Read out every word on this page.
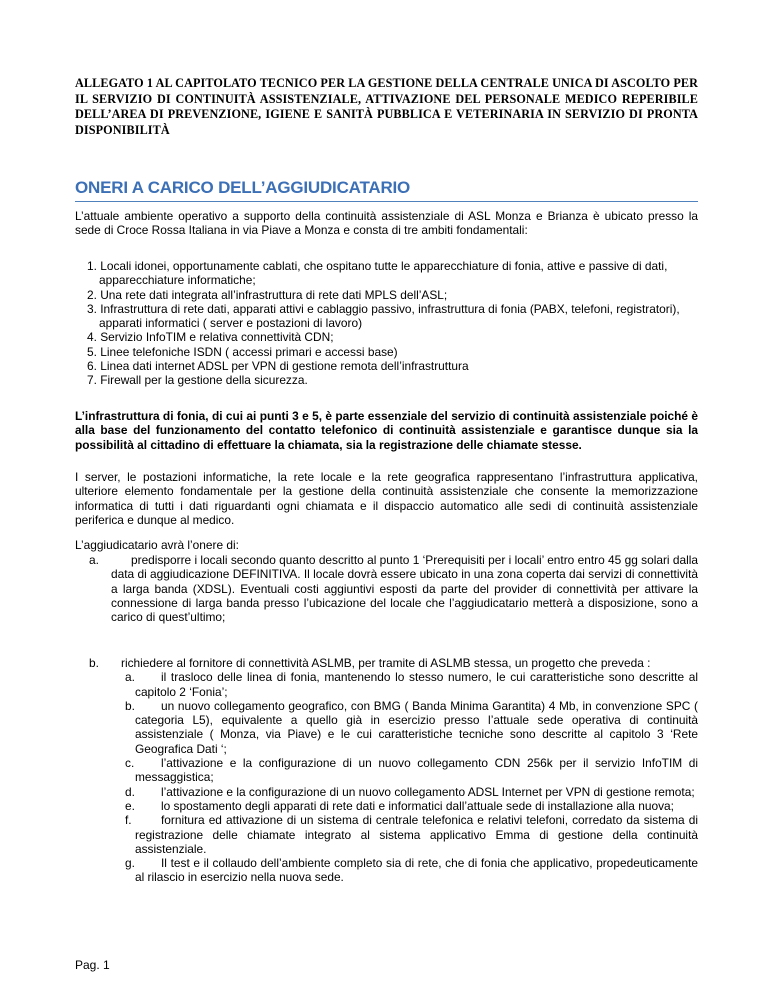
ALLEGATO 1 AL CAPITOLATO TECNICO PER LA GESTIONE DELLA CENTRALE UNICA DI ASCOLTO PER IL SERVIZIO DI CONTINUITÀ ASSISTENZIALE, ATTIVAZIONE DEL PERSONALE MEDICO REPERIBILE DELL’AREA DI PREVENZIONE, IGIENE E SANITÀ PUBBLICA E VETERINARIA IN SERVIZIO DI PRONTA DISPONIBILITÀ

ONERI A CARICO DELL’AGGIUDICATARIO

L’attuale ambiente operativo a supporto della continuità assistenziale di ASL Monza e Brianza è ubicato presso la sede di Croce Rossa Italiana in via Piave a Monza e consta di tre ambiti fondamentali:

1. Locali idonei, opportunamente cablati, che ospitano tutte le apparecchiature di fonia, attive e passive di dati, apparecchiature informatiche;
2. Una rete dati integrata all’infrastruttura di rete dati MPLS dell’ASL;
3. Infrastruttura di rete dati, apparati attivi e cablaggio passivo, infrastruttura di fonia (PABX, telefoni, registratori), apparati informatici ( server e postazioni di lavoro)
4. Servizio InfoTIM e relativa connettività CDN;
5. Linee telefoniche ISDN ( accessi primari e accessi base)
6. Linea dati internet ADSL per VPN di gestione remota dell’infrastruttura
7. Firewall per la gestione della sicurezza.

L’infrastruttura di fonia, di cui ai punti 3 e 5, è parte essenziale del servizio di continuità assistenziale poiché è alla base del funzionamento del contatto telefonico di continuità assistenziale e garantisce dunque sia la possibilità al cittadino di effettuare la chiamata, sia la registrazione delle chiamate stesse.

I server, le postazioni informatiche, la rete locale e la rete geografica rappresentano l’infrastruttura applicativa, ulteriore elemento fondamentale per la gestione della continuità assistenziale che consente la memorizzazione informatica di tutti i dati riguardanti ogni chiamata e il dispaccio automatico alle sedi di continuità assistenziale periferica e dunque al medico.

L’aggiudicatario avrà l’onere di:

a.	predisporre i locali secondo quanto descritto al punto 1 ‘Prerequisiti per i locali’ entro entro 45 gg solari dalla data di aggiudicazione DEFINITIVA. Il locale dovrà essere ubicato in una zona coperta dai servizi di connettività a larga banda (XDSL). Eventuali costi aggiuntivi esposti da parte del provider di connettività per attivare la connessione di larga banda presso l’ubicazione del locale che l’aggiudicatario metterà a disposizione, sono a carico di quest’ultimo;
b.	richiedere al fornitore di connettività ASLMB, per tramite di ASLMB stessa, un progetto che preveda :
a.	il trasloco delle linea di fonia, mantenendo lo stesso numero, le cui caratteristiche sono descritte al capitolo 2 ‘Fonia’;
b.	un nuovo collegamento geografico, con BMG ( Banda Minima Garantita) 4 Mb, in convenzione SPC ( categoria L5), equivalente a quello già in esercizio presso l’attuale sede operativa di continuità assistenziale ( Monza, via Piave) e le cui caratteristiche tecniche sono descritte al capitolo 3 ‘Rete Geografica Dati ‘;
c.	l’attivazione e la configurazione di un nuovo collegamento CDN 256k per il servizio InfoTIM di messaggistica;
d.	l’attivazione e la configurazione di un nuovo collegamento ADSL Internet per VPN di gestione remota;
e.	lo spostamento degli apparati di rete dati e informatici dall’attuale sede di installazione alla nuova;
f.	fornitura ed attivazione di un sistema di centrale telefonica e relativi telefoni, corredato da sistema di registrazione delle chiamate integrato al sistema applicativo Emma di gestione della continuità assistenziale.
g.	Il test e il collaudo dell’ambiente completo sia di rete, che di fonia che applicativo, propedeuticamente al rilascio in esercizio nella nuova sede.
Pag. 1
